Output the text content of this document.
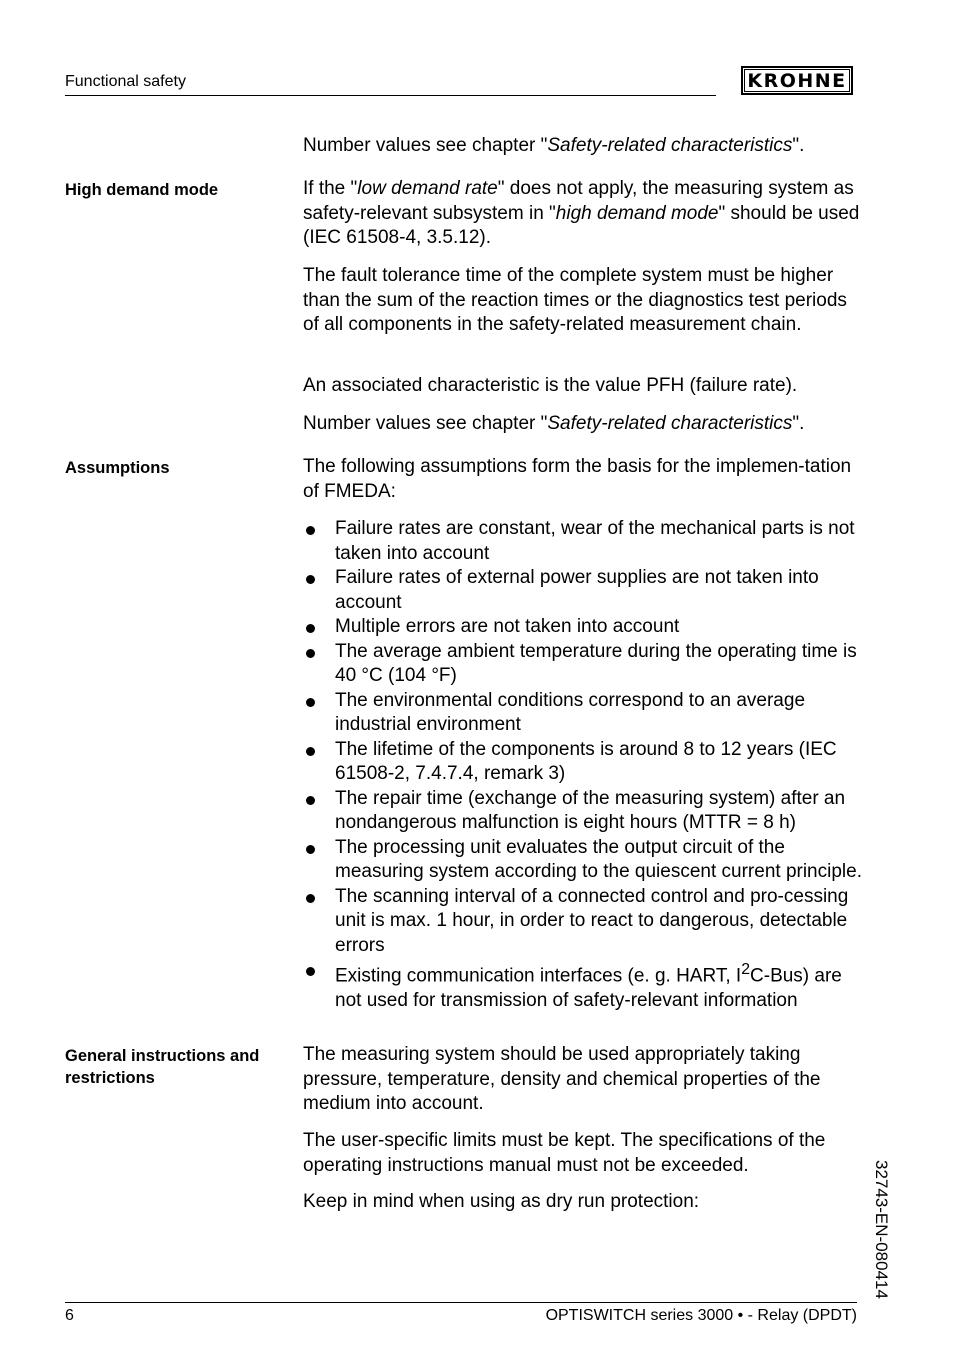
Functional safety	KROHNE

Number values see chapter "Safety-related characteristics".

High demand mode	If the "low demand rate" does not apply, the measuring system as safety-relevant subsystem in "high demand mode" should be used (IEC 61508-4, 3.5.12).

The fault tolerance time of the complete system must be higher than the sum of the reaction times or the diagnostics test periods of all components in the safety-related measurement chain.

An associated characteristic is the value PFH (failure rate).

Number values see chapter "Safety-related characteristics".

Assumptions	The following assumptions form the basis for the implemen-tation of FMEDA:

Failure rates are constant, wear of the mechanical parts is not taken into account
Failure rates of external power supplies are not taken into account
Multiple errors are not taken into account
The average ambient temperature during the operating time is 40 °C (104 °F)
The environmental conditions correspond to an average industrial environment
The lifetime of the components is around 8 to 12 years (IEC 61508-2, 7.4.7.4, remark 3)
The repair time (exchange of the measuring system) after an nondangerous malfunction is eight hours (MTTR = 8 h)
The processing unit evaluates the output circuit of the measuring system according to the quiescent current principle.
The scanning interval of a connected control and pro-cessing unit is max. 1 hour, in order to react to dangerous, detectable errors
Existing communication interfaces (e. g. HART, $I^2C-Bus$) are not used for transmission of safety-relevant information
General instructions and restrictions

The measuring system should be used appropriately taking pressure, temperature, density and chemical properties of the medium into account.

The user-specific limits must be kept. The specifications of the operating instructions manual must not be exceeded.

Keep in mind when using as dry run protection:	32743-EN-080414
6	OPTISWITCH series 3000 • - Relay (DPDT)
